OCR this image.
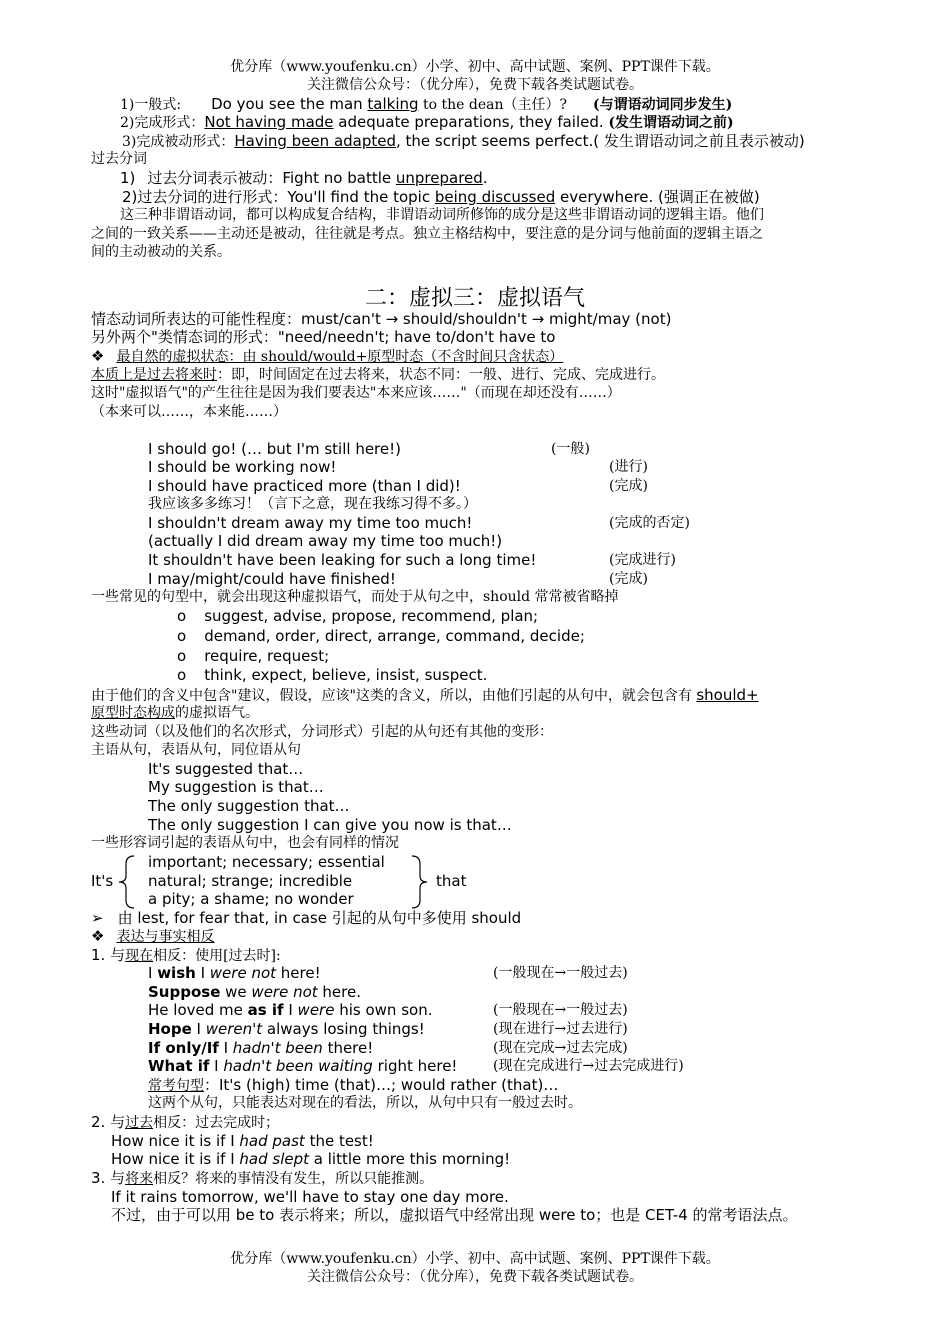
优分库（www.youfenku.cn）小学、初中、高中试题、案例、PPT课件下载。
关注微信公众号：（优分库），免费下载各类试题试卷。
1)一般式: Do you see the man talking to the dean（主任）? (与谓语动词同步发生)
2)完成形式：Not having made adequate preparations, they failed. (发生谓语动词之前)
3)完成被动形式：Having been adapted, the script seems perfect.( 发生谓语动词之前且表示被动)
过去分词
1) 过去分词表示被动：Fight no battle unprepared.
2)过去分词的进行形式：You'll find the topic being discussed everywhere. (强调正在被做)
这三种非谓语动词，都可以构成复合结构，非谓语动词所修饰的成分是这些非谓语动词的逻辑主语。他们
之间的一致关系——主动还是被动，往往就是考点。独立主格结构中，要注意的是分词与他前面的逻辑主语之
间的主动被动的关系。
二：虚拟三：虚拟语气
情态动词所表达的可能性程度：must/can't → should/shouldn't → might/may (not)
另外两个"类情态词的形式："need/needn't; have to/don't have to
❖ 最自然的虚拟状态：由 should/would+原型时态（不含时间只含状态）
本质上是过去将来时：即，时间固定在过去将来，状态不同：一般、进行、完成、完成进行。
这时"虚拟语气"的产生往往是因为我们要表达"本来应该……"（而现在却还没有……）
（本来可以……，本来能……）
I should go! (… but I'm still here!)	(一般)
I should be working now!	(进行)
I should have practiced more (than I did)!	(完成)
我应该多多练习！（言下之意，现在我练习得不多。）
I shouldn't dream away my time too much!	(完成的否定)
(actually I did dream away my time too much!)
It shouldn't have been leaking for such a long time!	(完成进行)
I may/might/could have finished!	(完成)
一些常见的句型中，就会出现这种虚拟语气，而处于从句之中，should 常常被省略掉
o suggest, advise, propose, recommend, plan;
o demand, order, direct, arrange, command, decide;
o require, request;
o think, expect, believe, insist, suspect.
由于他们的含义中包含"建议，假设，应该"这类的含义，所以，由他们引起的从句中，就会包含有 should+
原型时态构成的虚拟语气。
这些动词（以及他们的名次形式，分词形式）引起的从句还有其他的变形：
主语从句，表语从句，同位语从句
It's suggested that…
My suggestion is that…
The only suggestion that…
The only suggestion I can give you now is that…
一些形容词引起的表语从句中，也会有同样的情况
It's
important; necessary; essential
natural; strange; incredible
a pity; a shame; no wonder
that
➢ 由 lest, for fear that, in case 引起的从句中多使用 should
❖ 表达与事实相反
1. 与现在相反：使用[过去时]:
I wish I were not here!	(一般现在→一般过去)
Suppose we were not here.
He loved me as if I were his own son.	(一般现在→一般过去)
Hope I weren't always losing things!	(现在进行→过去进行)
If only/If I hadn't been there!	(现在完成→过去完成)
What if I hadn't been waiting right here!	(现在完成进行→过去完成进行)
常考句型：It's (high) time (that)…; would rather (that)…
这两个从句，只能表达对现在的看法，所以，从句中只有一般过去时。
2. 与过去相反：过去完成时；
How nice it is if I had past the test!
How nice it is if I had slept a little more this morning!
3. 与将来相反？将来的事情没有发生，所以只能推测。
If it rains tomorrow, we'll have to stay one day more.
不过，由于可以用 be to 表示将来；所以，虚拟语气中经常出现 were to；也是 CET-4 的常考语法点。
优分库（www.youfenku.cn）小学、初中、高中试题、案例、PPT课件下载。
关注微信公众号：（优分库），免费下载各类试题试卷。
